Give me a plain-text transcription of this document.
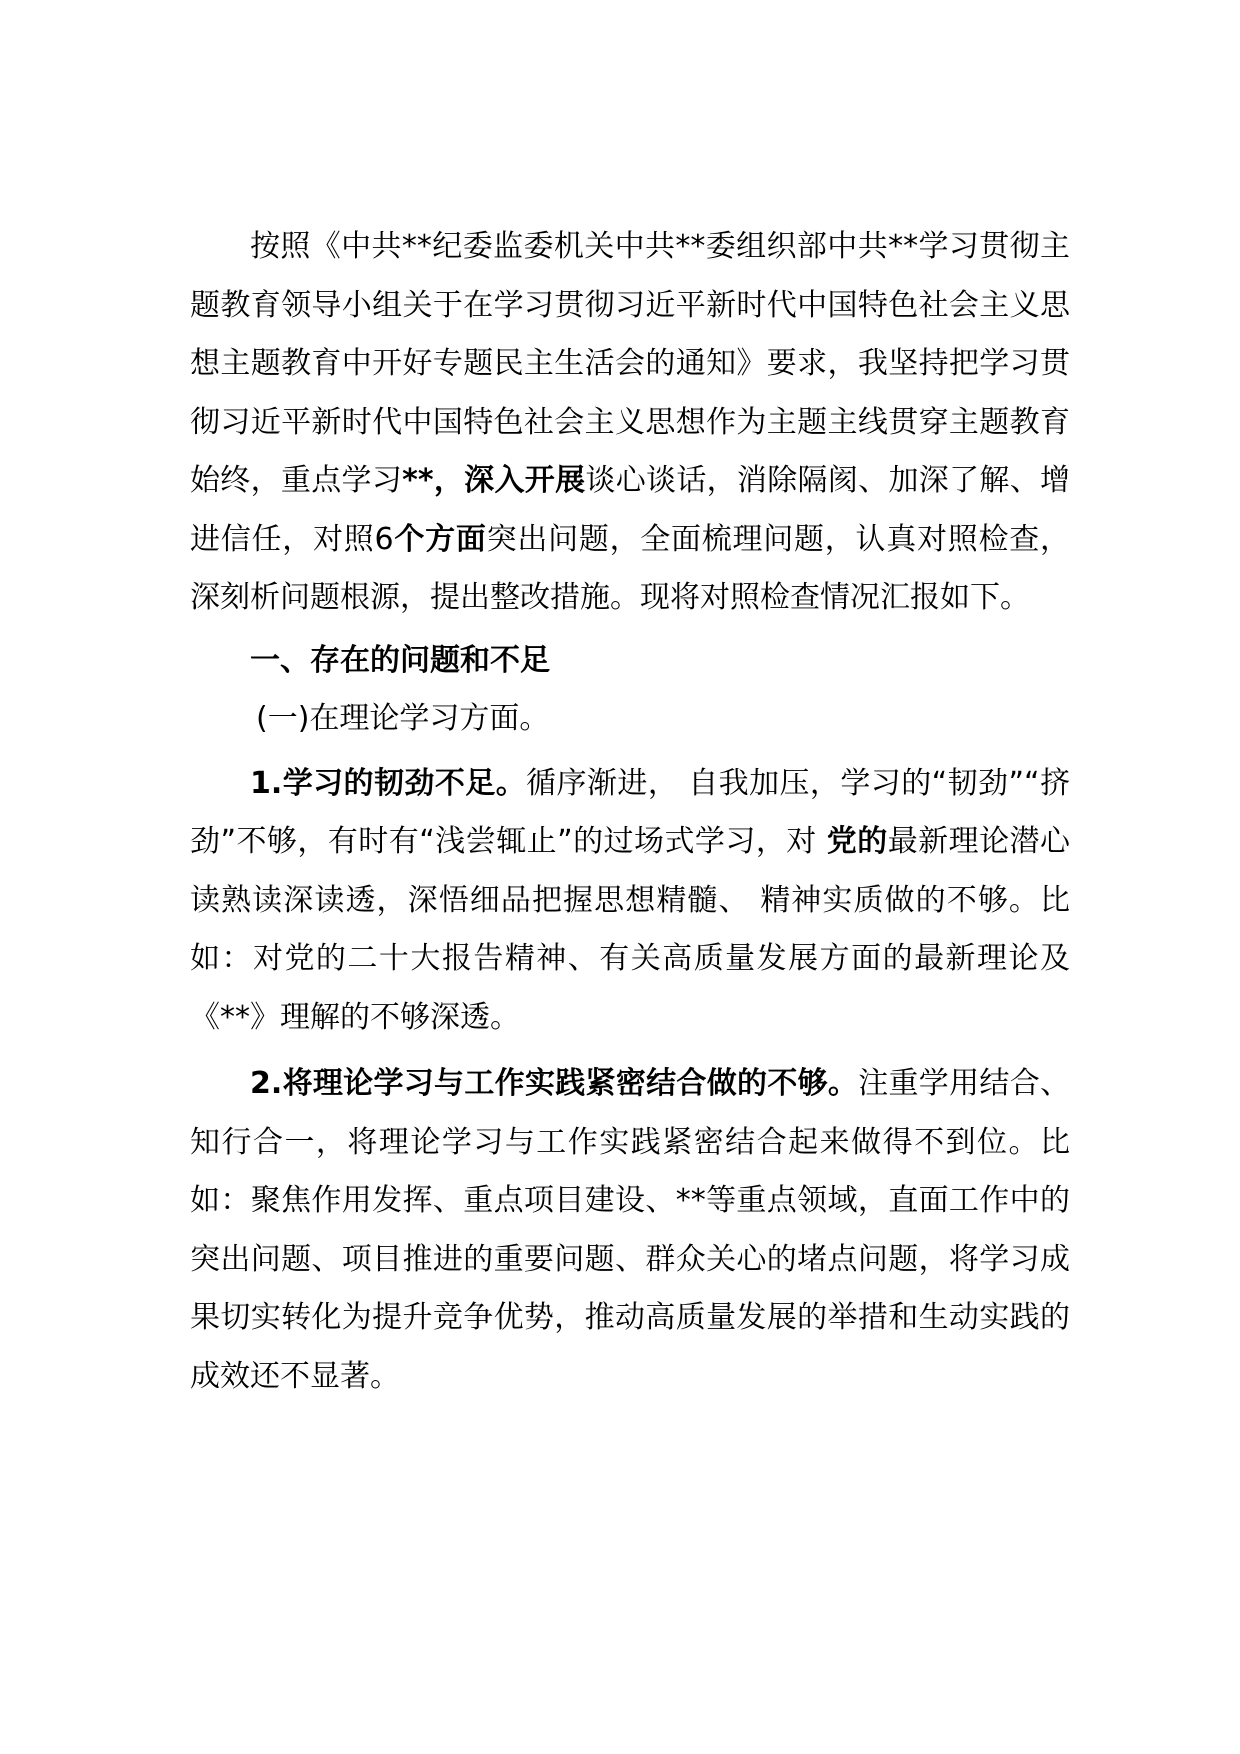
按照《中共**纪委监委机关中共**委组织部中共**学习贯彻主题教育领导小组关于在学习贯彻习近平新时代中国特色社会主义思想主题教育中开好专题民主生活会的通知》要求，我坚持把学习贯彻习近平新时代中国特色社会主义思想作为主题主线贯穿主题教育始终，重点学习**，深入开展谈心谈话，消除隔阂、加深了解、增进信任，对照6个方面突出问题，全面梳理问题，认真对照检查，深刻析问题根源，提出整改措施。现将对照检查情况汇报如下。

一、存在的问题和不足

(一)在理论学习方面。

1.学习的韧劲不足。循序渐进， 自我加压，学习的“韧劲”“挤劲”不够，有时有“浅尝辄止”的过场式学习，对 党的最新理论潜心读熟读深读透，深悟细品把握思想精髓、 精神实质做的不够。比如：对党的二十大报告精神、有关高质量发展方面的最新理论及《**》理解的不够深透。

2.将理论学习与工作实践紧密结合做的不够。注重学用结合、知行合一，将理论学习与工作实践紧密结合起来做得不到位。比如：聚焦作用发挥、重点项目建设、**等重点领域，直面工作中的突出问题、项目推进的重要问题、群众关心的堵点问题，将学习成果切实转化为提升竞争优势，推动高质量发展的举措和生动实践的成效还不显著。
